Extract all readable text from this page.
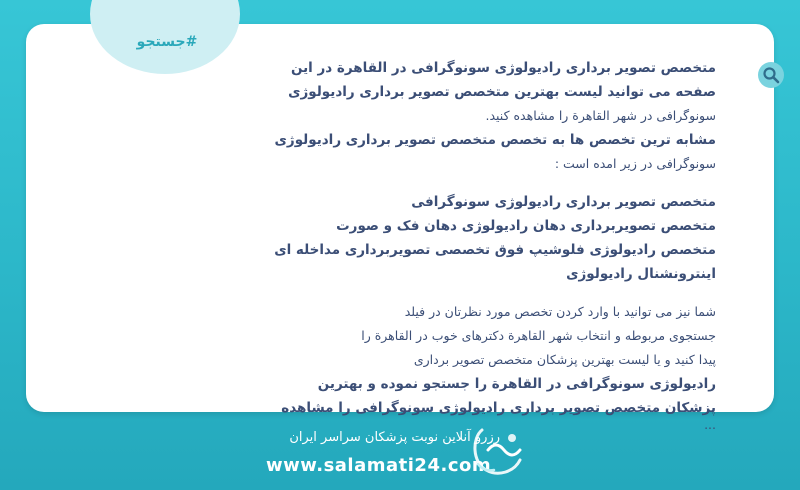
#جستجو

متخصص تصویر برداری رادیولوژی سونوگرافی در القاهرة در این

صفحه می توانید لیست بهترین متخصص تصویر برداری رادیولوژی

سونوگرافی در شهر القاهرة را مشاهده کنید.

مشابه ترین تخصص ها به تخصص متخصص تصویر برداری رادیولوژی

سونوگرافی در زیر امده است :

متخصص تصویر برداری رادیولوژی سونوگرافی

متخصص تصویربرداری دهان رادیولوژی دهان فک و صورت

متخصص رادیولوژی فلوشیپ فوق تخصصی تصویربرداری مداخله ای

اینترونشنال رادیولوژی

شما نیز می توانید با وارد کردن تخصص مورد نظرتان در فیلد

جستجوی مربوطه و انتخاب شهر القاهرة دکترهای خوب در القاهرة را

پیدا کنید و یا لیست بهترین پزشکان متخصص تصویر برداری

رادیولوژی سونوگرافی در القاهرة را جستجو نموده و بهترین

پزشکان متخصص تصویر برداری رادیولوژی سونوگرافی را مشاهده

...

رزرو آنلاین نوبت پزشکان سراسر ایران
www.salamati24.com
